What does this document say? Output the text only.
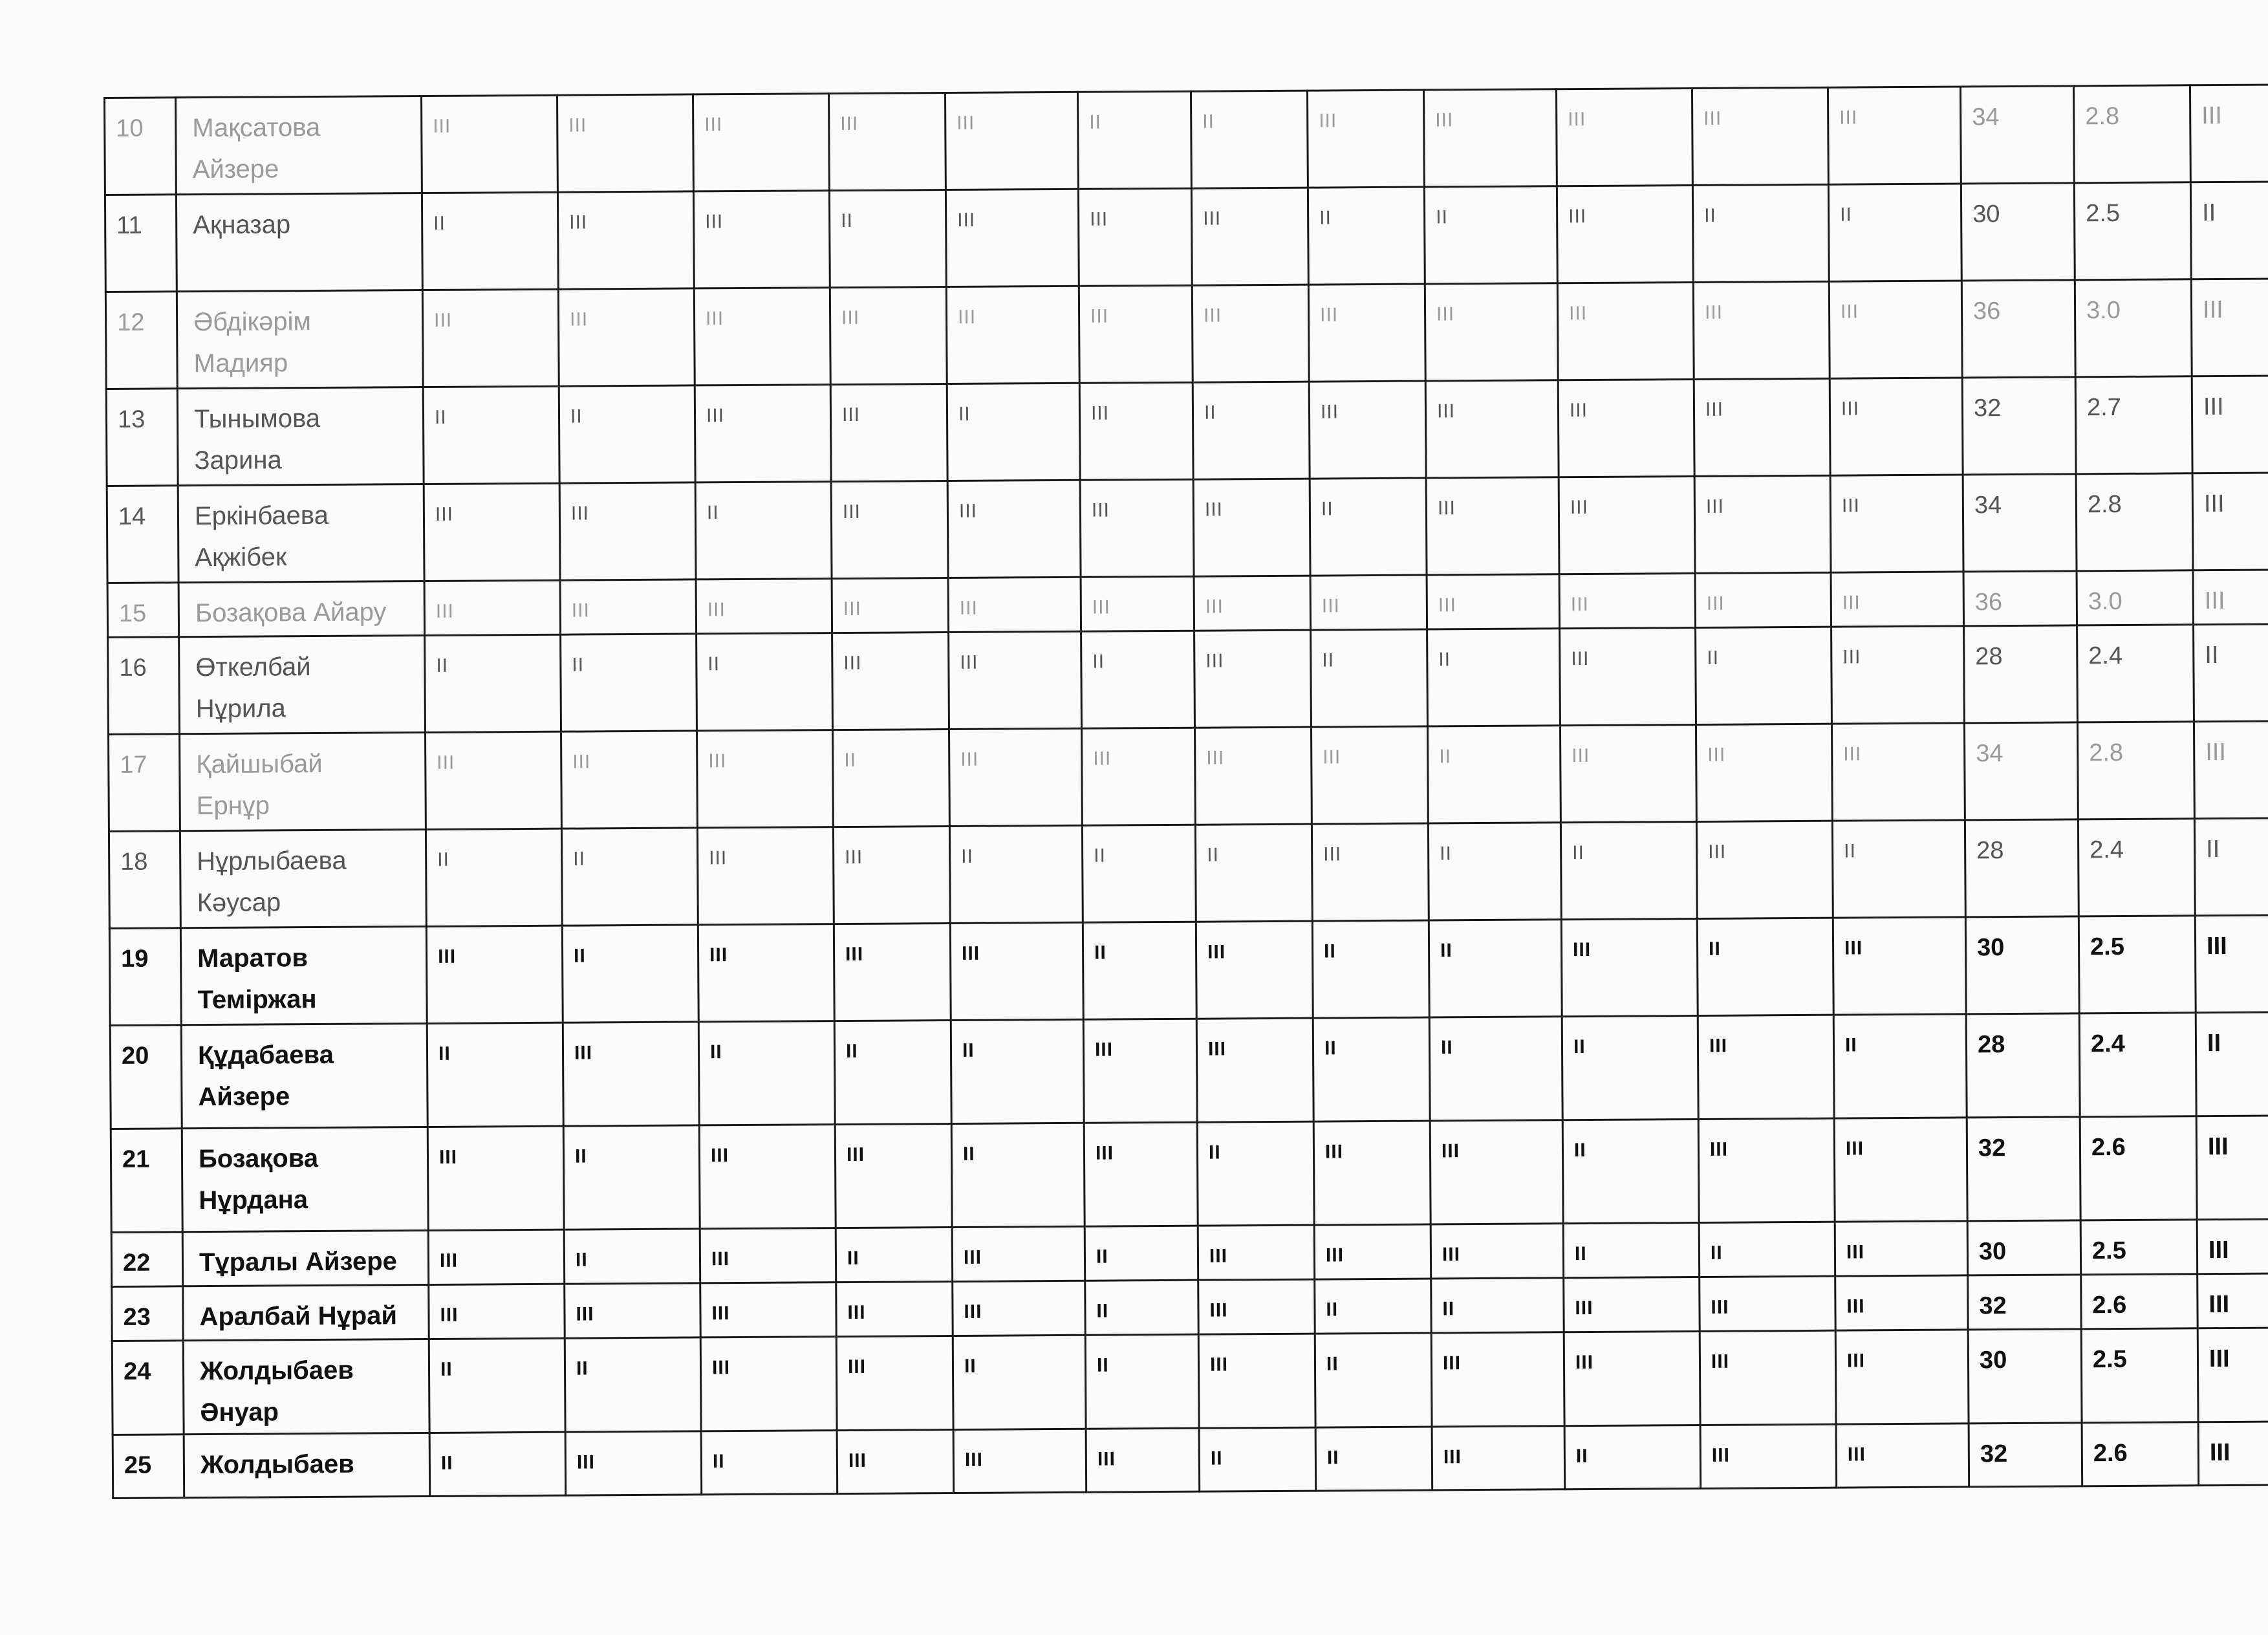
10	Мақсатова
Айзере	III	III	III	III	III	II	II	III	III	III	III	III	34	2.8	III
11	Ақназар	II	III	III	II	III	III	III	II	II	III	II	II	30	2.5	II
12	Әбдікәрім
Мадияр	III	III	III	III	III	III	III	III	III	III	III	III	36	3.0	III
13	Тынымова
Зарина	II	II	III	III	II	III	II	III	III	III	III	III	32	2.7	III
14	Еркінбаева
Ақжібек	III	III	II	III	III	III	III	II	III	III	III	III	34	2.8	III
15	Бозақова Айару	III	III	III	III	III	III	III	III	III	III	III	III	36	3.0	III
16	Өткелбай
Нұрила	II	II	II	III	III	II	III	II	II	III	II	III	28	2.4	II
17	Қайшыбай
Ернұр	III	III	III	II	III	III	III	III	II	III	III	III	34	2.8	III
18	Нұрлыбаева
Кәусар	II	II	III	III	II	II	II	III	II	II	III	II	28	2.4	II
19	Маратов
Теміржан	III	II	III	III	III	II	III	II	II	III	II	III	30	2.5	III
20	Құдабаева
Айзере	II	III	II	II	II	III	III	II	II	II	III	II	28	2.4	II
21	Бозақова
Нұрдана	III	II	III	III	II	III	II	III	III	II	III	III	32	2.6	III
22	Тұралы Айзере	III	II	III	II	III	II	III	III	III	II	II	III	30	2.5	III
23	Аралбай Нұрай	III	III	III	III	III	II	III	II	II	III	III	III	32	2.6	III
24	Жолдыбаев
Әнуар	II	II	III	III	II	II	III	II	III	III	III	III	30	2.5	III
25	Жолдыбаев	II	III	II	III	III	III	II	II	III	II	III	III	32	2.6	III
